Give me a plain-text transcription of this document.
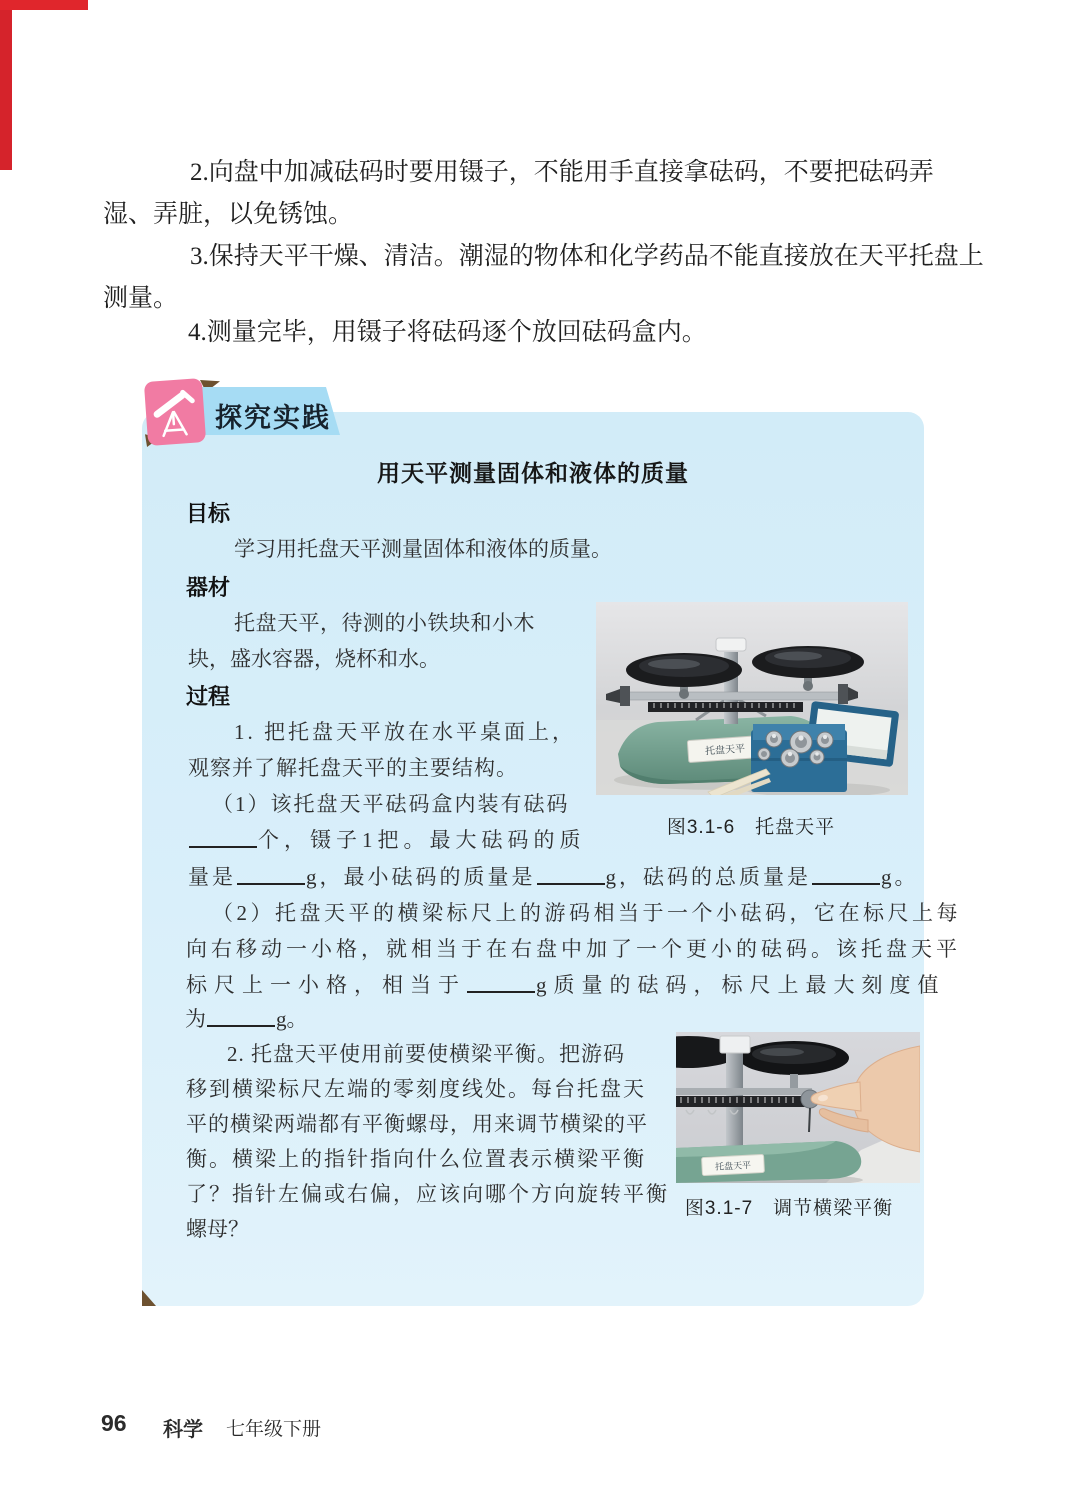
2.向盘中加减砝码时要用镊子，不能用手直接拿砝码，不要把砝码弄
湿、弄脏，以免锈蚀。
3.保持天平干燥、清洁。潮湿的物体和化学药品不能直接放在天平托盘上
测量。
4.测量完毕，用镊子将砝码逐个放回砝码盒内。
探究实践
用天平测量固体和液体的质量
目标
学习用托盘天平测量固体和液体的质量。
器材
托盘天平，待测的小铁块和小木
块，盛水容器，烧杯和水。
过程
1. 把托盘天平放在水平桌面上，
观察并了解托盘天平的主要结构。
（1）该托盘天平砝码盒内装有砝码
个，镊子1把。最大砝码的质
量是	g，最小砝码的质量是	g，砝码的总质量是	g。
（2）托盘天平的横梁标尺上的游码相当于一个小砝码，它在标尺上每
向右移动一小格，就相当于在右盘中加了一个更小的砝码。该托盘天平
标尺上一小格，相当于	g质量的砝码，标尺上最大刻度值
为	g。
2. 托盘天平使用前要使横梁平衡。把游码
移到横梁标尺左端的零刻度线处。每台托盘天
平的横梁两端都有平衡螺母，用来调节横梁的平
衡。横梁上的指针指向什么位置表示横梁平衡
了？指针左偏或右偏，应该向哪个方向旋转平衡
螺母？
托盘天平
图3.1-6　托盘天平
托盘天平
图3.1-7　调节横梁平衡
96 科学 七年级下册
